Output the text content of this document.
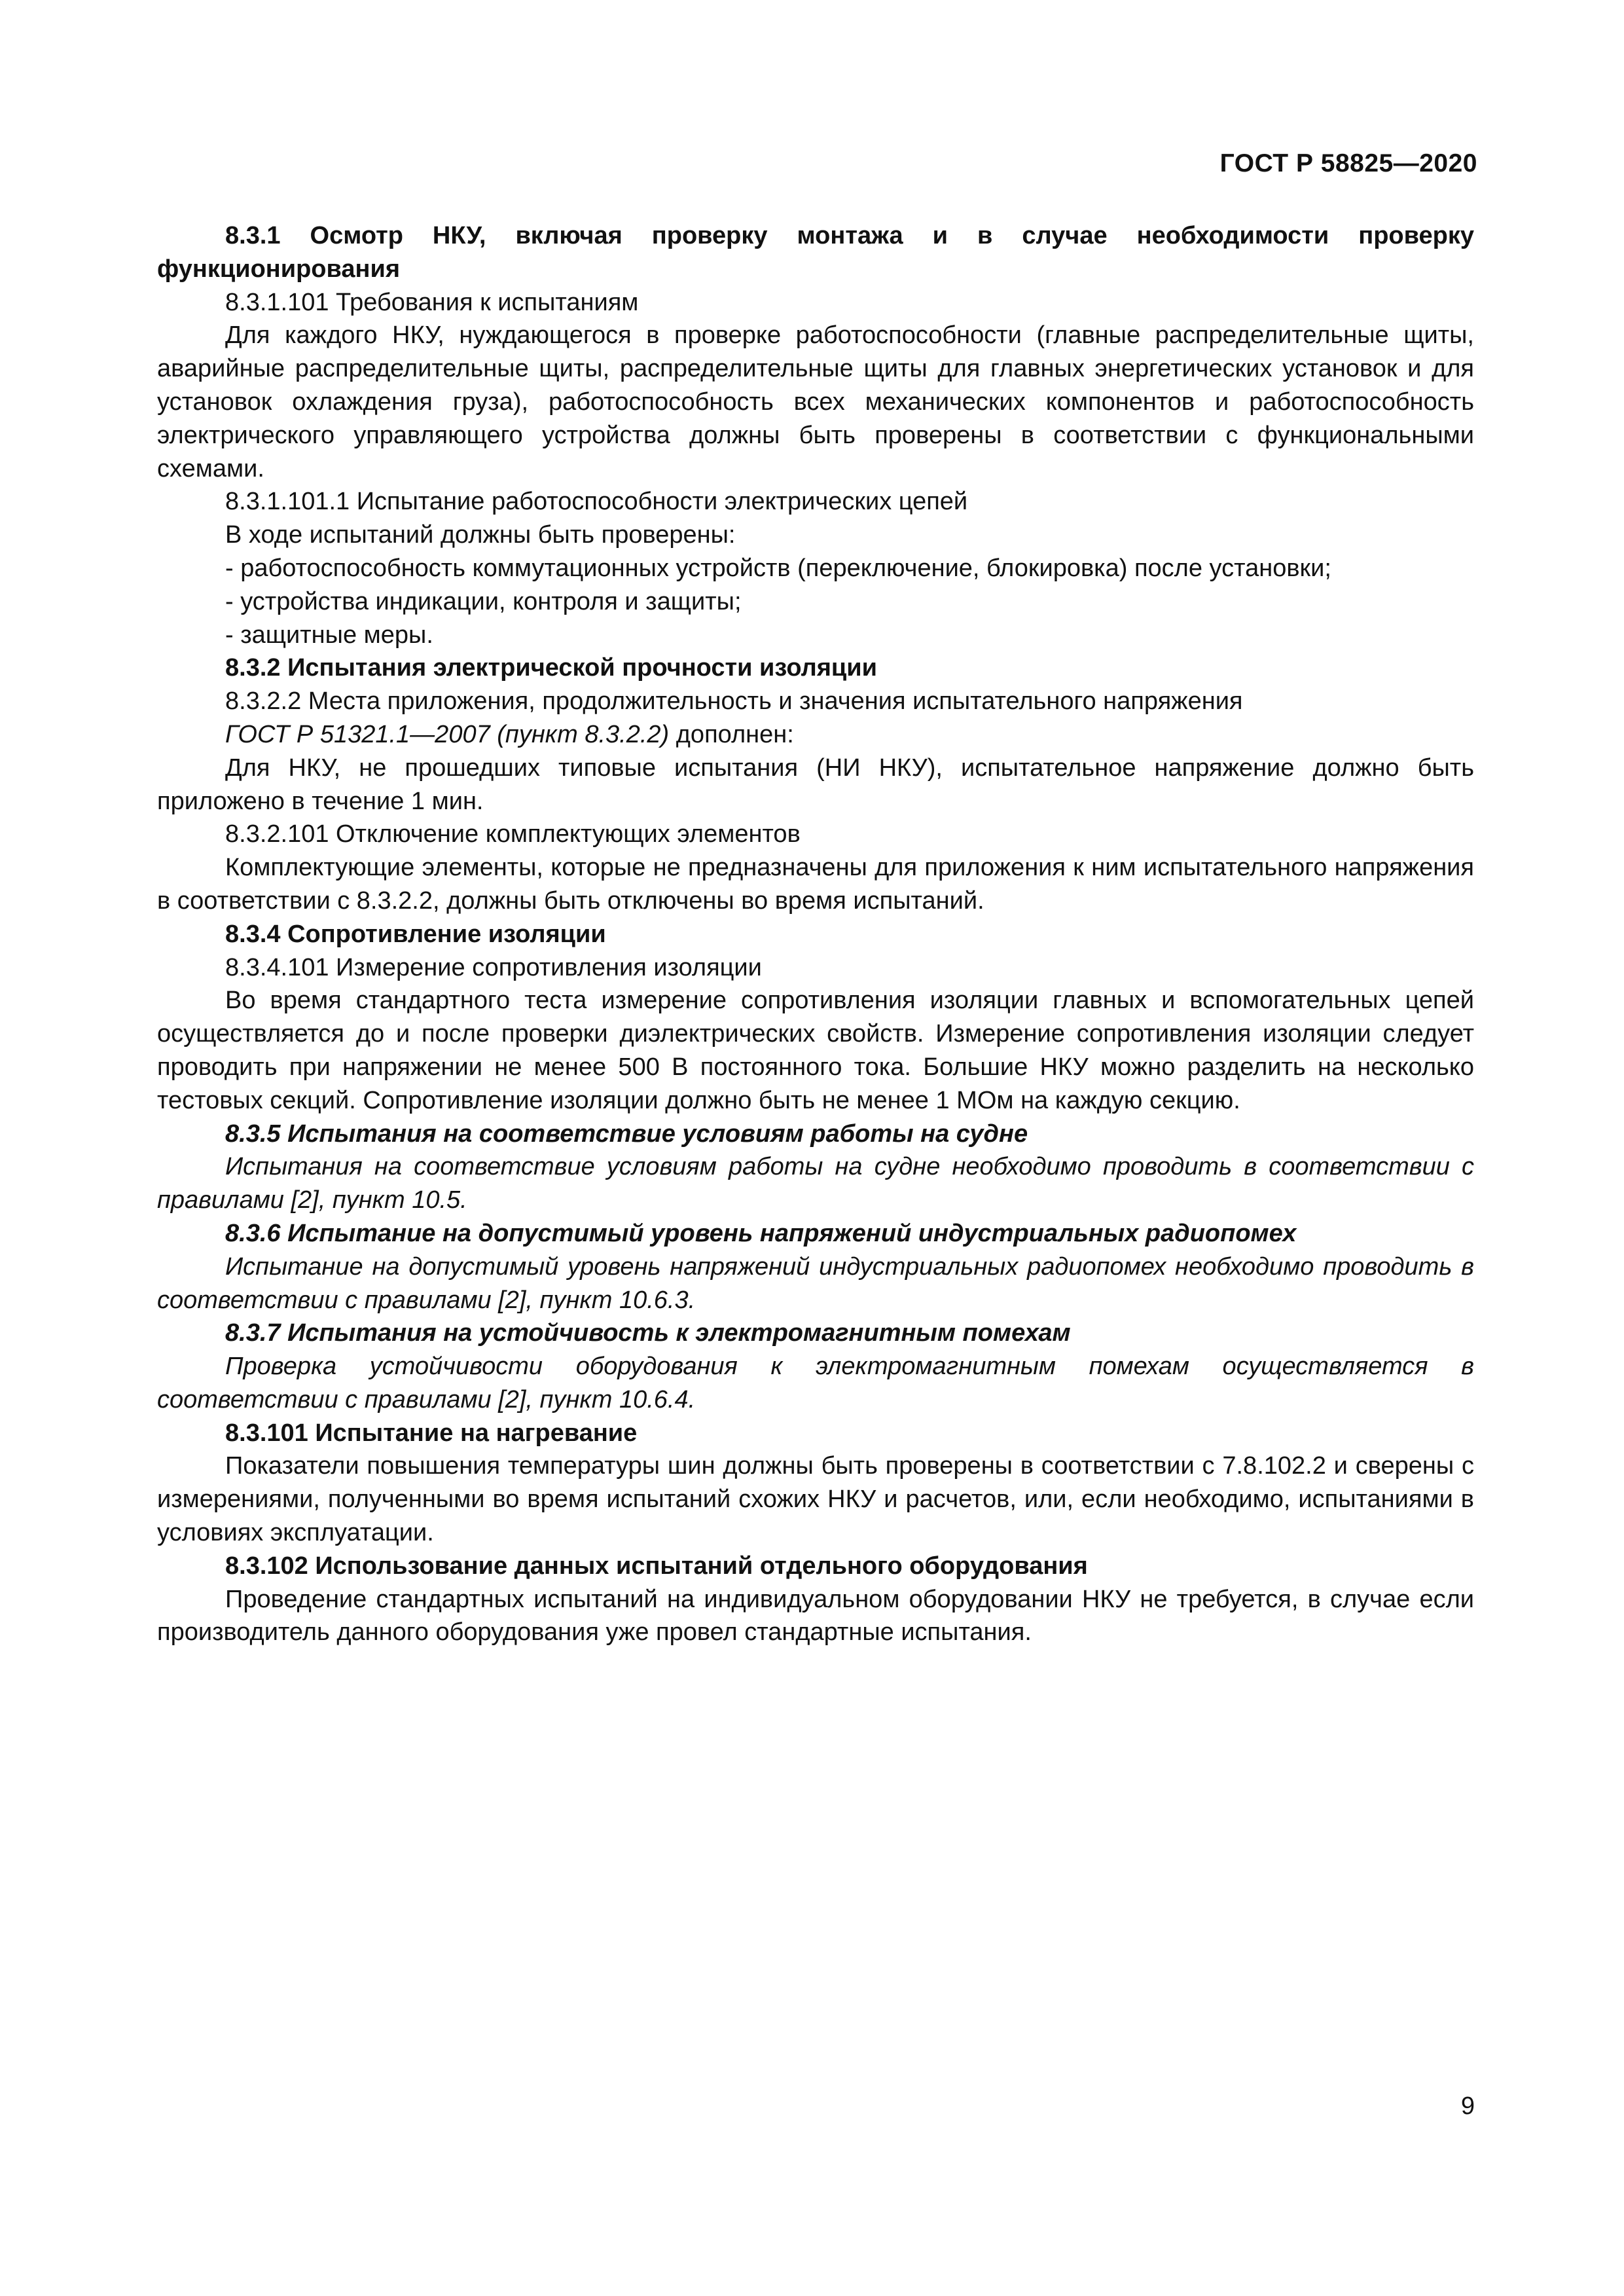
ГОСТ Р 58825—2020

8.3.1 Осмотр НКУ, включая проверку монтажа и в случае необходимости проверку функционирования

8.3.1.101 Требования к испытаниям

Для каждого НКУ, нуждающегося в проверке работоспособности (главные распределительные щиты, аварийные распределительные щиты, распределительные щиты для главных энергетических установок и для установок охлаждения груза), работоспособность всех механических компонентов и работоспособность электрического управляющего устройства должны быть проверены в соответствии с функциональными схемами.

8.3.1.101.1 Испытание работоспособности электрических цепей

В ходе испытаний должны быть проверены:

- работоспособность коммутационных устройств (переключение, блокировка) после установки;

- устройства индикации, контроля и защиты;

- защитные меры.

8.3.2 Испытания электрической прочности изоляции

8.3.2.2 Места приложения, продолжительность и значения испытательного напряжения

ГОСТ Р 51321.1—2007 (пункт 8.3.2.2) дополнен:

Для НКУ, не прошедших типовые испытания (НИ НКУ), испытательное напряжение должно быть приложено в течение 1 мин.

8.3.2.101 Отключение комплектующих элементов

Комплектующие элементы, которые не предназначены для приложения к ним испытательного напряжения в соответствии с 8.3.2.2, должны быть отключены во время испытаний.

8.3.4 Сопротивление изоляции

8.3.4.101 Измерение сопротивления изоляции

Во время стандартного теста измерение сопротивления изоляции главных и вспомогательных цепей осуществляется до и после проверки диэлектрических свойств. Измерение сопротивления изоляции следует проводить при напряжении не менее 500 В постоянного тока. Большие НКУ можно разделить на несколько тестовых секций. Сопротивление изоляции должно быть не менее 1 МОм на каждую секцию.

8.3.5 Испытания на соответствие условиям работы на судне

Испытания на соответствие условиям работы на судне необходимо проводить в соответствии с правилами [2], пункт 10.5.

8.3.6 Испытание на допустимый уровень напряжений индустриальных радиопомех

Испытание на допустимый уровень напряжений индустриальных радиопомех необходимо проводить в соответствии с правилами [2], пункт 10.6.3.

8.3.7 Испытания на устойчивость к электромагнитным помехам

Проверка устойчивости оборудования к электромагнитным помехам осуществляется в соответствии с правилами [2], пункт 10.6.4.

8.3.101 Испытание на нагревание

Показатели повышения температуры шин должны быть проверены в соответствии с 7.8.102.2 и сверены с измерениями, полученными во время испытаний схожих НКУ и расчетов, или, если необходимо, испытаниями в условиях эксплуатации.

8.3.102 Использование данных испытаний отдельного оборудования

Проведение стандартных испытаний на индивидуальном оборудовании НКУ не требуется, в случае если производитель данного оборудования уже провел стандартные испытания.

9
